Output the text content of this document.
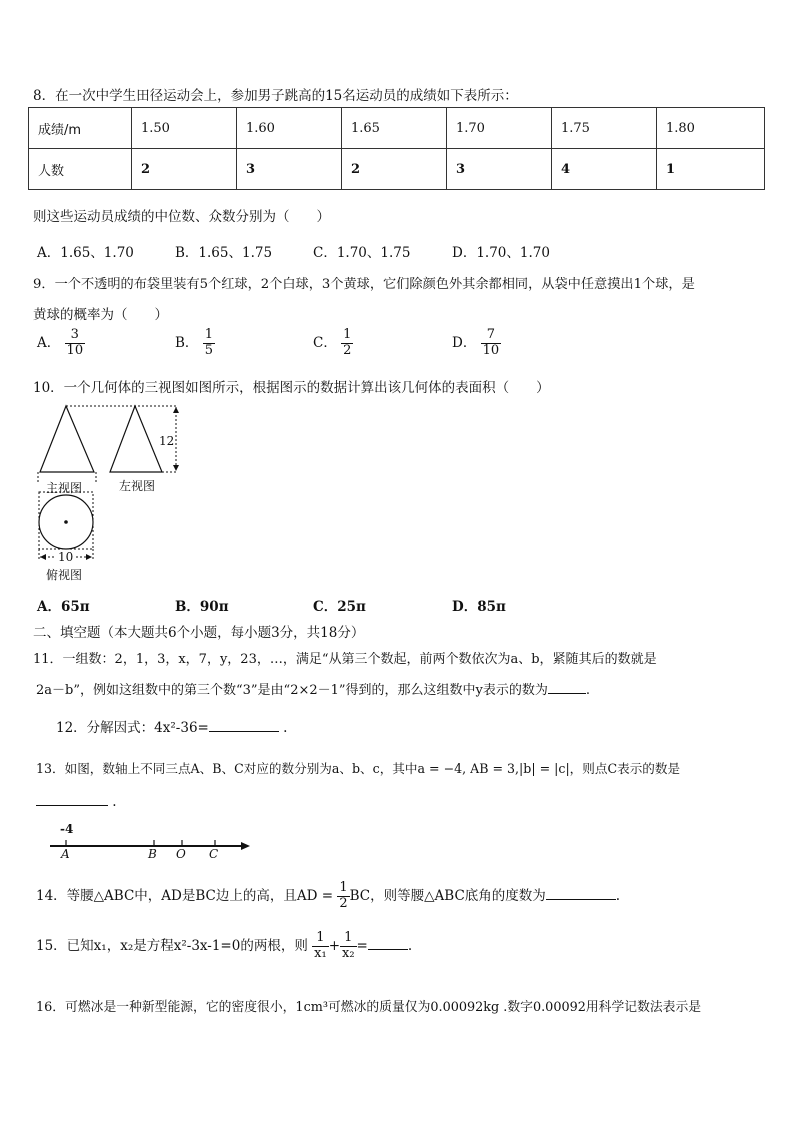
8．在一次中学生田径运动会上，参加男子跳高的15名运动员的成绩如下表所示：
成绩/m	1.50	1.60	1.65	1.70	1.75	1.80
人数	2	3	2	3	4	1
则这些运动员成绩的中位数、众数分别为（　　）
A．1.65、1.70	B．1.65、1.75	C．1.70、1.75	D．1.70、1.70
9．一个不透明的布袋里装有5个红球，2个白球，3个黄球，它们除颜色外其余都相同，从袋中任意摸出1个球，是
黄球的概率为（　　）
A． $\frac{3}{10}$	B． $\frac{1}{5}$	C． $\frac{1}{2}$	D． $\frac{7}{10}$
10．一个几何体的三视图如图所示，根据图示的数据计算出该几何体的表面积（　　）
主视图	左视图
俯视图
12
10
A．65π	B．90π	C．25π	D．85π
二、填空题（本大题共6个小题，每小题3分，共18分）
11．一组数：2，1，3，x，7，y，23，…，满足“从第三个数起，前两个数依次为a、b，紧随其后的数就是
2a－b”，例如这组数中的第三个数“3”是由“2×2－1”得到的，那么这组数中y表示的数为	.
12．分解因式：4x²-36=	.
13．如图，数轴上不同三点A、B、C对应的数分别为a、b、c，其中a = −4, AB = 3,|b| = |c|，则点C表示的数是
.
-4
A	B O C
14．等腰△ABC中，AD是BC边上的高，且AD = $\frac{1}{2}$ BC，则等腰△ABC底角的度数为	.
15．已知x₁，x₂是方程x²-3x-1=0的两根，则 $\frac{1}{\text{x₁}} + \frac{1}{\text{x₂}}$ =	.
16．可燃冰是一种新型能源，它的密度很小，1cm³可燃冰的质量仅为0.00092kg .数字0.00092用科学记数法表示是
